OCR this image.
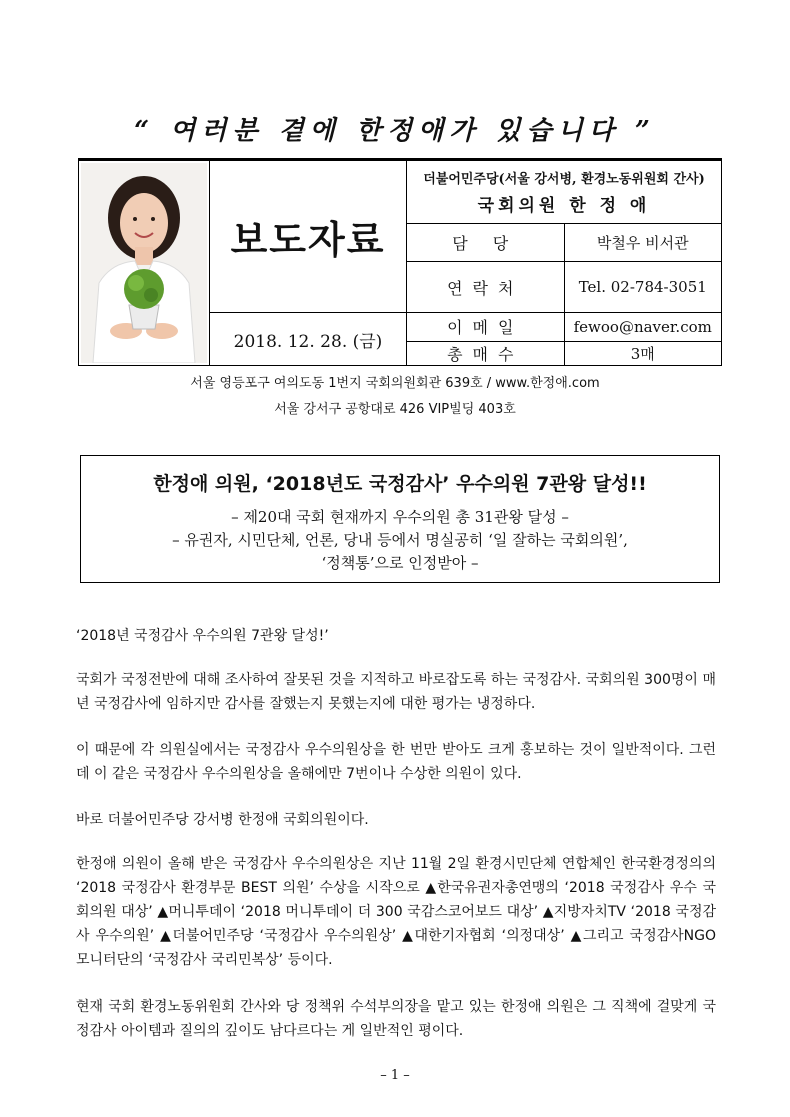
“ 여러분 곁에 한정애가 있습니다 ”

보도자료	더불어민주당(서울 강서병, 환경노동위원회 간사)
국회의원 한 정 애	

		담 당	박철우 비서관
		연락처	Tel. 02-784-3051

	2018. 12. 28. (금)	이메일	fewoo@naver.com
		총매수	3매

서울 영등포구 여의도동 1번지 국회의원회관 639호 / www.한정애.com
서울 강서구 공항대로 426 VIP빌딩 403호
한정애 의원, ‘2018년도 국정감사’ 우수의원 7관왕 달성!!
– 제20대 국회 현재까지 우수의원 총 31관왕 달성 –
– 유권자, 시민단체, 언론, 당내 등에서 명실공히 ‘일 잘하는 국회의원’,
‘정책통’으로 인정받아 –
‘2018년 국정감사 우수의원 7관왕 달성!’
국회가 국정전반에 대해 조사하여 잘못된 것을 지적하고 바로잡도록 하는 국정감사. 국회의원 300명이 매년 국정감사에 임하지만 감사를 잘했는지 못했는지에 대한 평가는 냉정하다.
이 때문에 각 의원실에서는 국정감사 우수의원상을 한 번만 받아도 크게 홍보하는 것이 일반적이다. 그런데 이 같은 국정감사 우수의원상을 올해에만 7번이나 수상한 의원이 있다.
바로 더불어민주당 강서병 한정애 국회의원이다.
한정애 의원이 올해 받은 국정감사 우수의원상은 지난 11월 2일 환경시민단체 연합체인 한국환경정의의 ‘2018 국정감사 환경부문 BEST 의원’ 수상을 시작으로 ▲한국유권자총연맹의 ‘2018 국정감사 우수 국회의원 대상’ ▲머니투데이 ‘2018 머니투데이 더 300 국감스코어보드 대상’ ▲지방자치TV ‘2018 국정감사 우수의원’ ▲더불어민주당 ‘국정감사 우수의원상’ ▲대한기자협회 ‘의정대상’ ▲그리고 국정감사NGO 모니터단의 ‘국정감사 국리민복상’ 등이다.
현재 국회 환경노동위원회 간사와 당 정책위 수석부의장을 맡고 있는 한정애 의원은 그 직책에 걸맞게 국정감사 아이템과 질의의 깊이도 남다르다는 게 일반적인 평이다.
– 1 –
